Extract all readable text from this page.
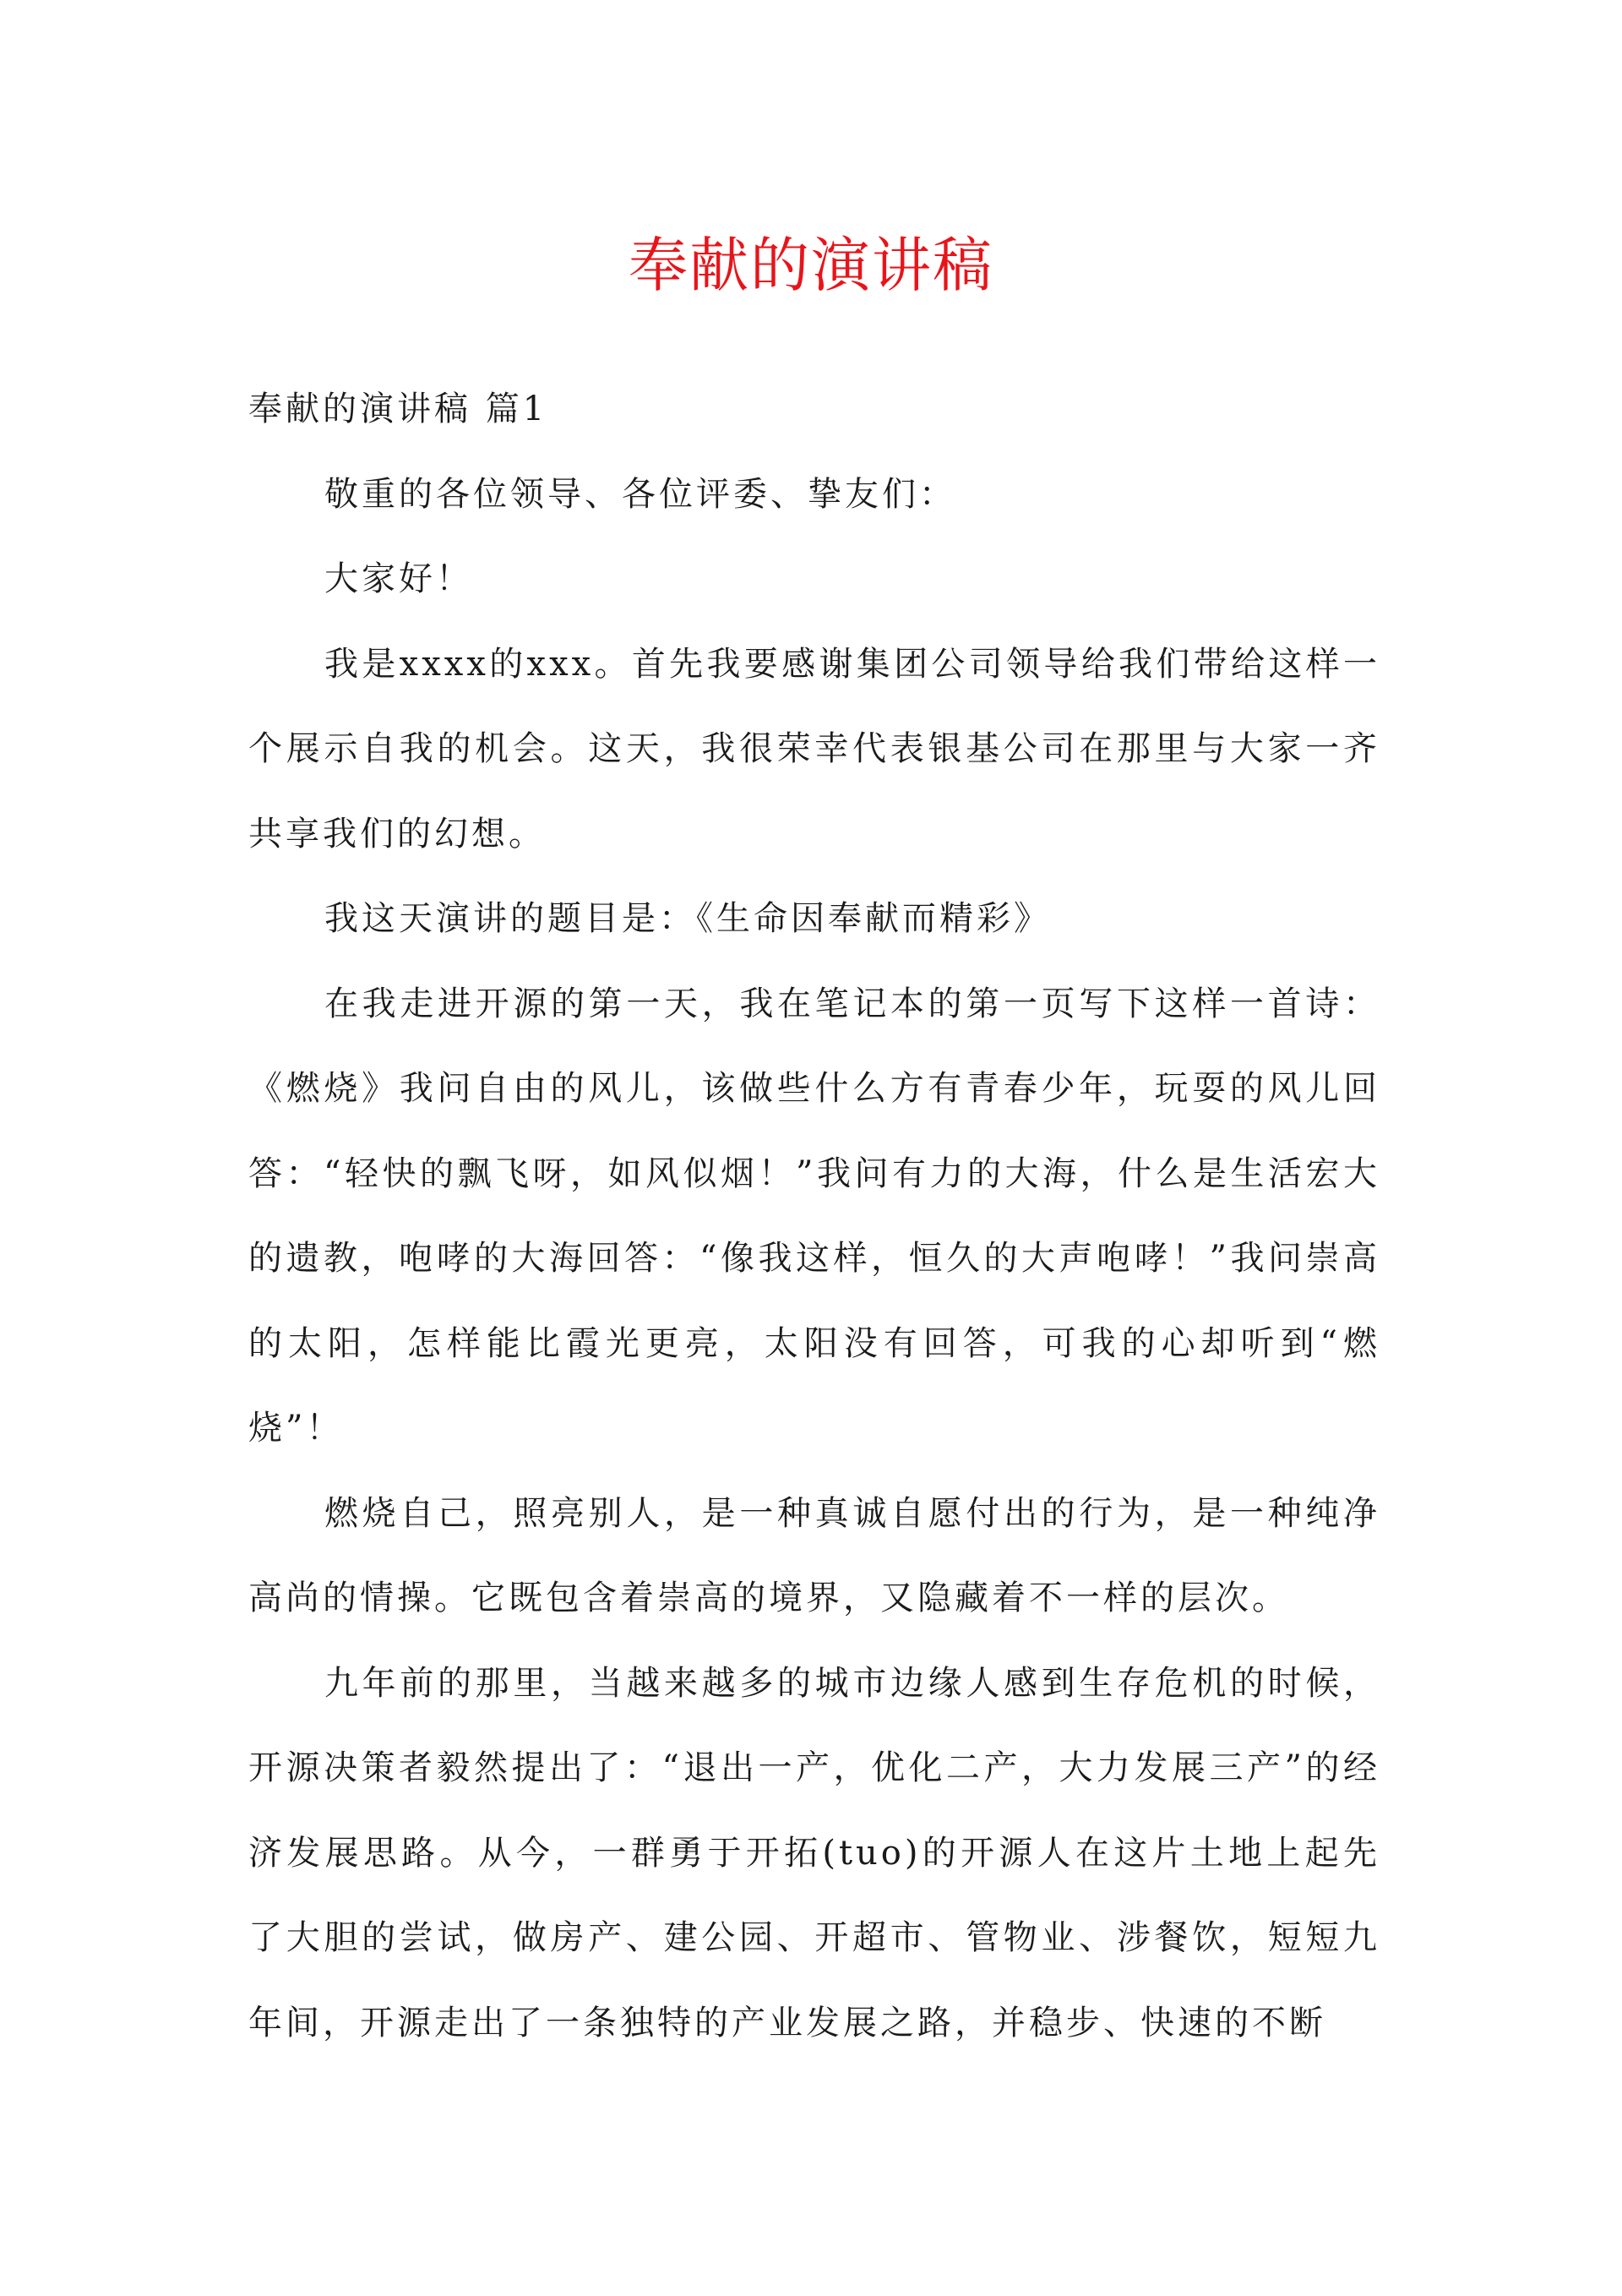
奉献的演讲稿

奉献的演讲稿 篇1

敬重的各位领导、各位评委、挚友们：

大家好！

我是xxxx的xxx。首先我要感谢集团公司领导给我们带给这样一个展示自我的机会。这天，我很荣幸代表银基公司在那里与大家一齐共享我们的幻想。

我这天演讲的题目是：《生命因奉献而精彩》

在我走进开源的第一天，我在笔记本的第一页写下这样一首诗：《燃烧》我问自由的风儿，该做些什么方有青春少年，玩耍的风儿回答：“轻快的飘飞呀，如风似烟！”我问有力的大海，什么是生活宏大的遗教，咆哮的大海回答：“像我这样，恒久的大声咆哮！”我问崇高的太阳，怎样能比霞光更亮，太阳没有回答，可我的心却听到“燃烧”！

燃烧自己，照亮别人，是一种真诚自愿付出的行为，是一种纯净高尚的情操。它既包含着崇高的境界，又隐藏着不一样的层次。

九年前的那里，当越来越多的城市边缘人感到生存危机的时候，开源决策者毅然提出了：“退出一产，优化二产，大力发展三产”的经济发展思路。从今，一群勇于开拓(tuo)的开源人在这片土地上起先了大胆的尝试，做房产、建公园、开超市、管物业、涉餐饮，短短九年间，开源走出了一条独特的产业发展之路，并稳步、快速的不断
